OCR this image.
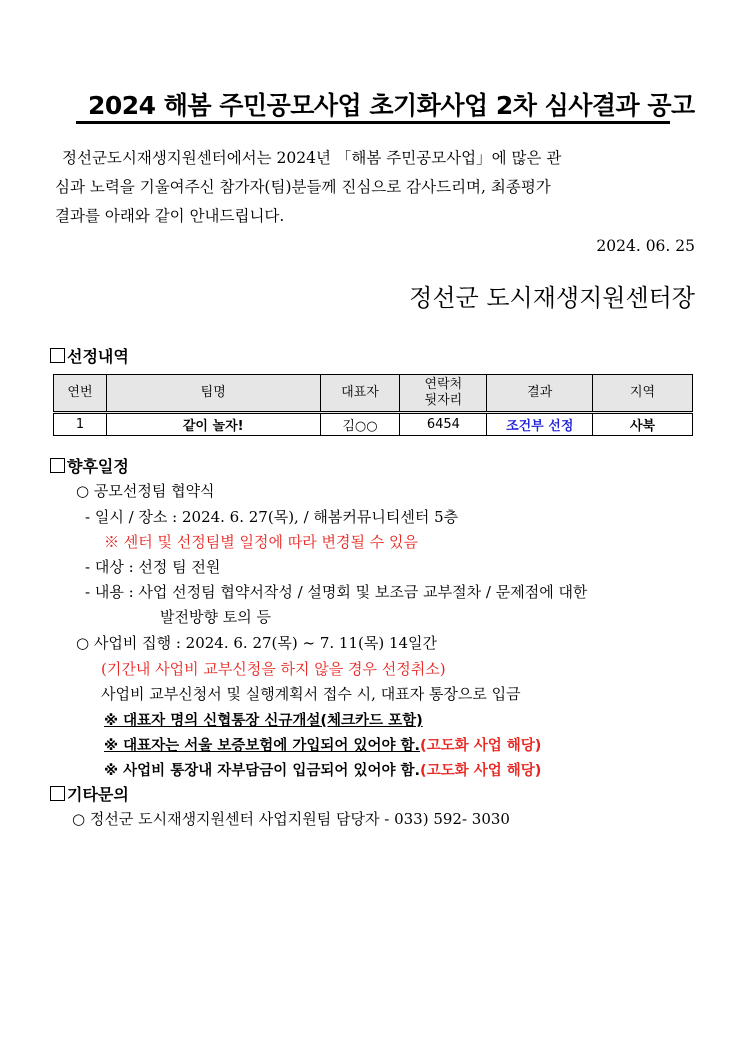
2024 해봄 주민공모사업 초기화사업 2차 심사결과 공고
정선군도시재생지원센터에서는 2024년 「해봄 주민공모사업」에 많은 관
심과 노력을 기울여주신 참가자(팀)분들께 진심으로 감사드리며, 최종평가
결과를 아래와 같이 안내드립니다.
2024. 06. 25
정선군 도시재생지원센터장
선정내역
연번	팀명	대표자	연락처 뒷자리	결과	지역
1	같이 놀자!	김○○	6454	조건부 선정	사북
향후일정
○ 공모선정팀 협약식
- 일시 / 장소 : 2024. 6. 27(목), / 해봄커뮤니티센터 5층
※ 센터 및 선정팀별 일정에 따라 변경될 수 있음
- 대상 : 선정 팀 전원
- 내용 : 사업 선정팀 협약서작성 / 설명회 및 보조금 교부절차 / 문제점에 대한
발전방향 토의 등
○ 사업비 집행 : 2024. 6. 27(목) ~ 7. 11(목) 14일간
(기간내 사업비 교부신청을 하지 않을 경우 선정취소)
사업비 교부신청서 및 실행계획서 접수 시, 대표자 통장으로 입금
※ 대표자 명의 신협통장 신규개설(체크카드 포함)
※ 대표자는 서울 보증보험에 가입되어 있어야 함.(고도화 사업 해당)
※ 사업비 통장내 자부담금이 입금되어 있어야 함.(고도화 사업 해당)
기타문의
○ 정선군 도시재생지원센터 사업지원팀 담당자 - 033) 592- 3030
